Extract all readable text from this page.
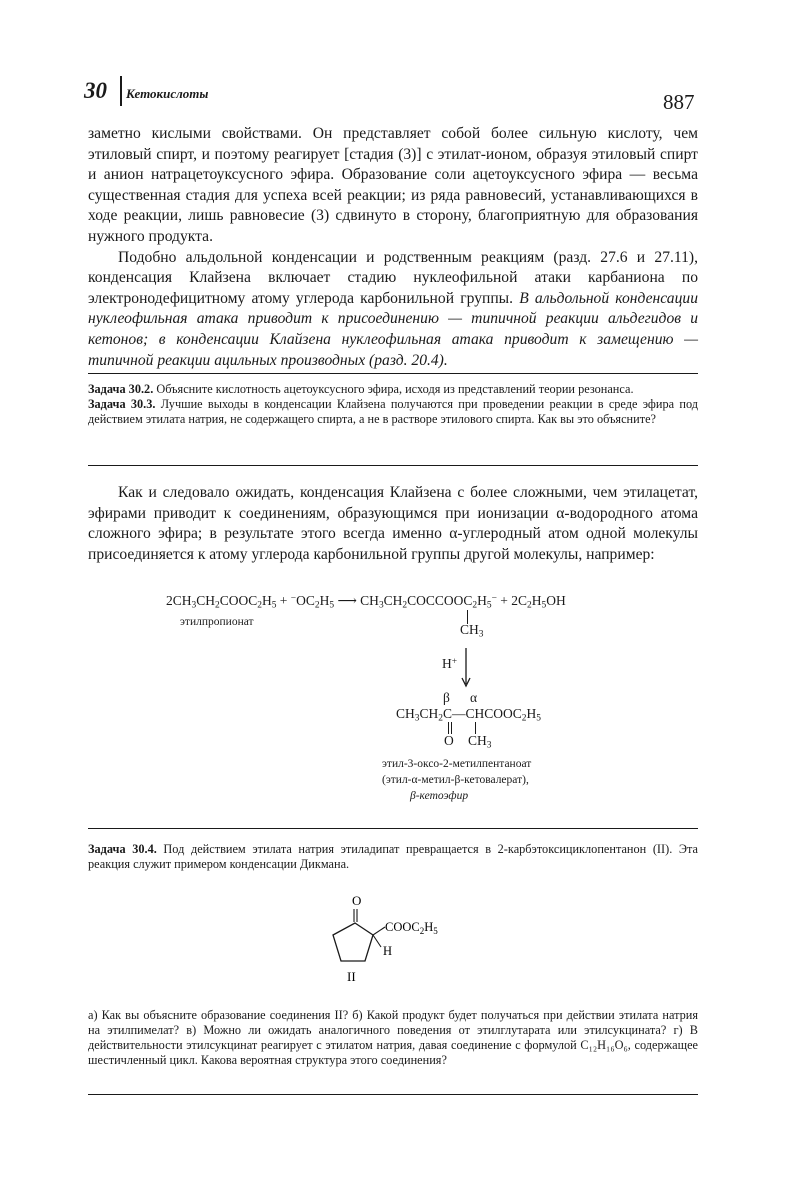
30 Кетокислоты	887

заметно кислыми свойствами. Он представляет собой более сильную кислоту, чем этиловый спирт, и поэтому реагирует [стадия (3)] с этилат-ионом, образуя этиловый спирт и анион натрацетоуксусного эфира. Образование соли ацетоуксусного эфира — весьма существенная стадия для успеха всей реакции; из ряда равновесий, устанавливающихся в ходе реакции, лишь равновесие (3) сдвинуто в сторону, благоприятную для образования нужного продукта.

Подобно альдольной конденсации и родственным реакциям (разд. 27.6 и 27.11), конденсация Клайзена включает стадию нуклеофильной атаки карбаниона по электронодефицитному атому углерода карбонильной группы. В альдольной конденсации нуклеофильная атака приводит к присоединению — типичной реакции альдегидов и кетонов; в конденсации Клайзена нуклеофильная атака приводит к замещению — типичной реакции ацильных производных (разд. 20.4).

Задача 30.2. Объясните кислотность ацетоуксусного эфира, исходя из представлений теории резонанса.

Задача 30.3. Лучшие выходы в конденсации Клайзена получаются при проведении реакции в среде эфира под действием этилата натрия, не содержащего спирта, а не в растворе этилового спирта. Как вы это объясните?

Как и следовало ожидать, конденсация Клайзена с более сложными, чем этилацетат, эфирами приводит к соединениям, образующимся при ионизации α-водородного атома сложного эфира; в результате этого всегда именно α-углеродный атом одной молекулы присоединяется к атому углерода карбонильной группы другой молекулы, например:

$2CH_3CH_2COOC_2H_5 + ^-OC_2H_5$ ⟶ $CH_3CH_2COCCOOC_2H_5^- + 2C_2H_5OH$
этилпропионат	$CH_3$
H+
β α
$CH_3CH_2C—CHCOOC_2H_5$
O $CH_3$
этил-3-оксо-2-метилпентаноат
(этил-α-метил-β-кетовалерат),
β-кетоэфир

Задача 30.4. Под действием этилата натрия этиладипат превращается в 2-карбэтоксициклопентанон (II). Эта реакция служит примером конденсации Дикмана.

O
$COOC_2H_5$
H
II

а) Как вы объясните образование соединения II? б) Какой продукт будет получаться при действии этилата натрия на этилпимелат? в) Можно ли ожидать аналогичного поведения от этилглутарата или этилсукцината? г) В действительности этилсукцинат реагирует с этилатом натрия, давая соединение с формулой C₁₂H₁₆O₆, содержащее шестичленный цикл. Какова вероятная структура этого соединения?
